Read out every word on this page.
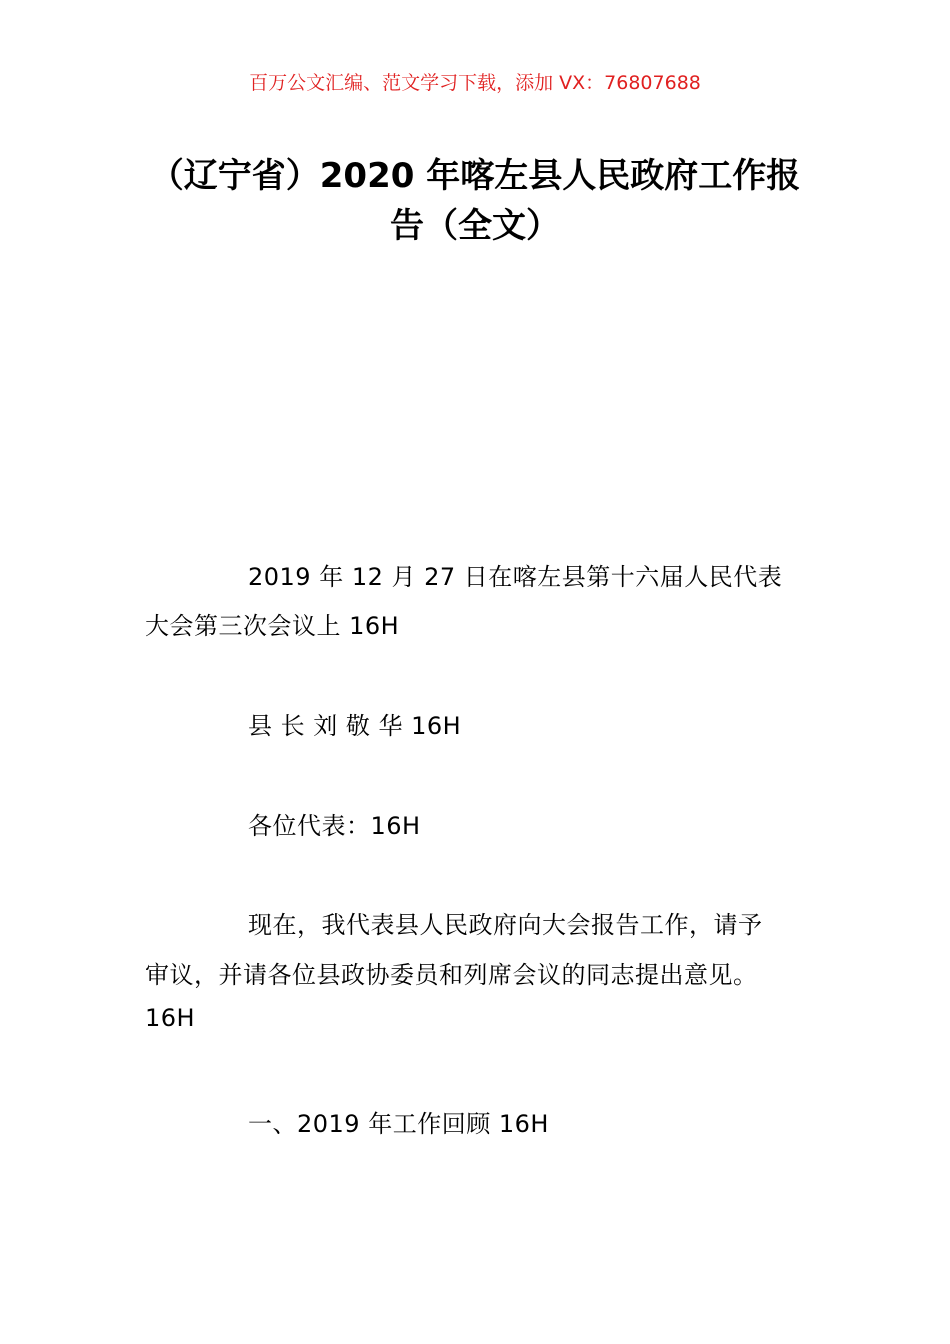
百万公文汇编、范文学习下载，添加 VX：76807688
（辽宁省）2020 年喀左县人民政府工作报
告（全文）
2019 年 12 月 27 日在喀左县第十六届人民代表
大会第三次会议上 16H
县 长 刘 敬 华 16H
各位代表：16H
现在，我代表县人民政府向大会报告工作，请予
审议，并请各位县政协委员和列席会议的同志提出意见。
16H
一、2019 年工作回顾 16H
